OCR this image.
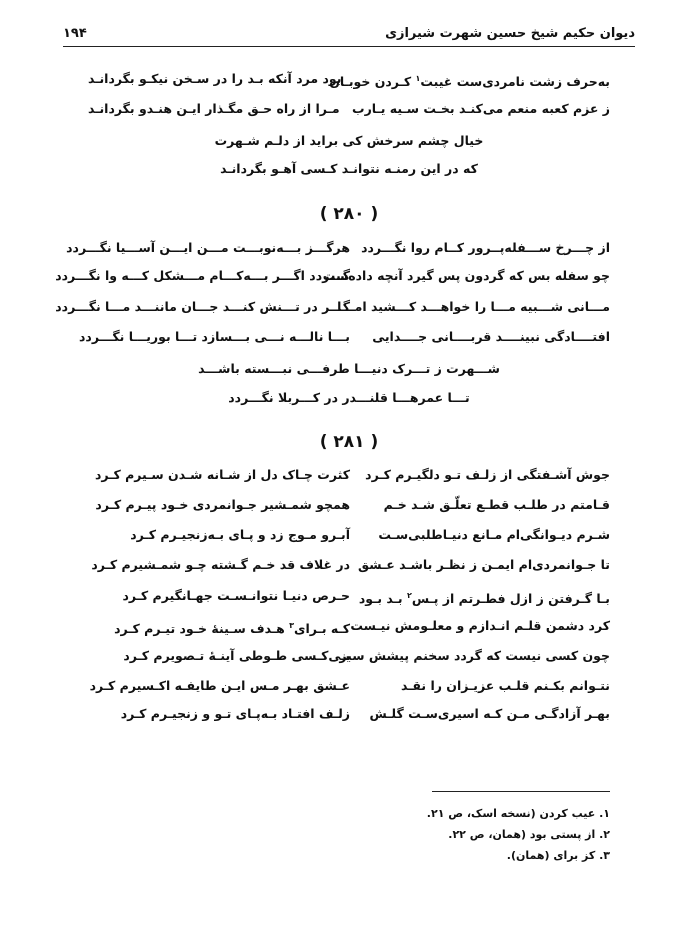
دیوان حکیم شیخ حسین شهرت شیرازی
۱۹۴
به‌حرف زشت نامردی‌ست غیبت$^۱$ کـردن خوبـان
بود مرد آنکه بـد را در سـخن نیکـو بگردانـد
ز عزم کعبه منعم می‌کنـد بخـت سـیه یـارب
مـرا از راه حـق مگـذار ایـن هنـدو بگردانـد
خیال چشم سرخش کی براید از دلـم شـهرت
که در این رمنـه نتوانـد کـسی آهـو بگردانـد
( ۲۸۰ )
از چـــرخ ســـفله‌پــرور کــام روا نگـــردد
هرگـــز بـــه‌نوبـــت مـــن ایـــن آســـیا نگـــردد
چو سفله بس که گردون پس گیرد آنچه داده‌ست
گـــردد اگـــر بـــه‌کـــام مـــشکل کـــه وا نگـــردد
مـــانی شـــبیه مـــا را خواهـــد کـــشید امـــا
گـــر در تـــنش کنـــد جـــان ماننـــد مـــا نگـــردد
افتــــادگی نبینــــد قربــــانی جــــدایی
بـــا نالـــه نـــی بـــسازد تـــا بوریـــا نگـــردد
شـــهرت ز تـــرک دنیـــا طرفـــی نبـــسته باشـــد
تـــا عمرهـــا قلنـــدر در کـــربلا نگـــردد
( ۲۸۱ )
جوش آشـفتگی از زلـف تـو دلگیـرم کـرد
کثرت چـاک دل از شـانه شـدن سـیرم کـرد
قـامتم در طلـب قطـع تعلّـق شـد خـم
همچو شمـشیر جـوانمردی خـود پیـرم کـرد
شـرم دیـوانگی‌ام مـانع دنیـاطلبی‌سـت
آبـرو مـوج زد و پـای بـه‌زنجیـرم کـرد
تا جـوانمردی‌ام ایمـن ز نظـر باشـد عـشق
در غلاف قد خـم گـشته چـو شمـشیرم کـرد
بـا گـرفتن ز ازل فطـرتم از پـس$^۲$ بـد بـود
حـرص دنیـا نتوانـسـت جهـانگیرم کـرد
کرد دشمن قلـم انـدازم و معلـومش نیـست
کـه بـرای$^۳$ هـدف سـینهٔ خـود تیـرم کـرد
چون کسی نیست که گردد سخنم پیشش سبز
بـی‌کـسی طـوطی آینـهٔ تـصویرم کـرد
نتـوانم بکـنم قلـب عزیـزان را نقـد
عـشق بهـر مـس ایـن طایفـه اکـسیرم کـرد
بهـر آزادگـی مـن کـه اسیری‌سـت گلـش
زلـف افتـاد بـه‌پـای تـو و زنجیـرم کـرد
۱. عیب کردن (نسخه اسک، ص ۲۱.
۲. از پستی بود (همان، ص ۲۲.
۳. کز برای (همان).
